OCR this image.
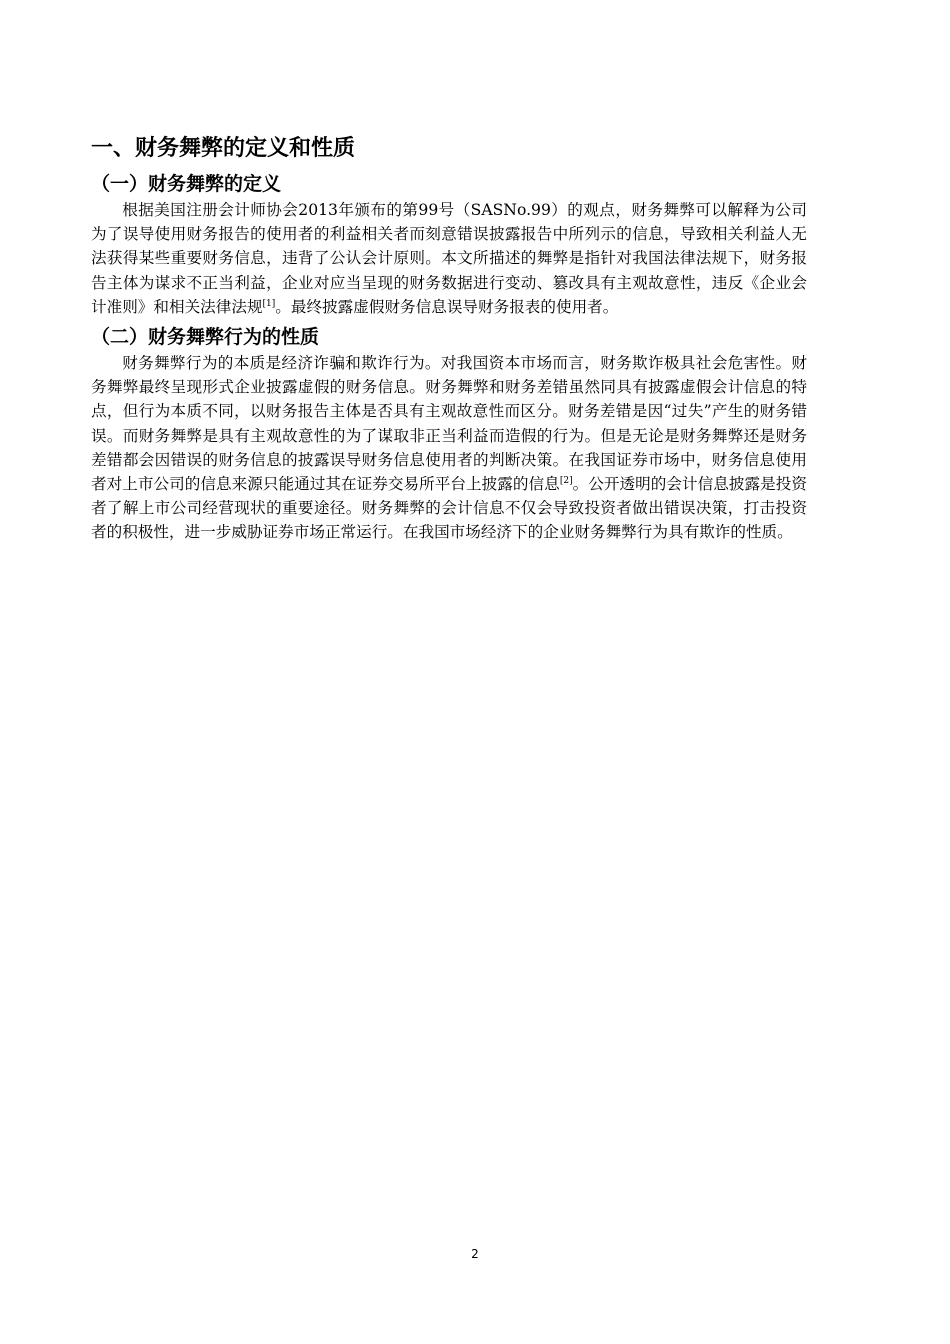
一、财务舞弊的定义和性质
（一）财务舞弊的定义

根据美国注册会计师协会2013年颁布的第99号（SASNo.99）的观点，财务舞弊可以解释为公司为了误导使用财务报告的使用者的利益相关者而刻意错误披露报告中所列示的信息，导致相关利益人无法获得某些重要财务信息，违背了公认会计原则。本文所描述的舞弊是指针对我国法律法规下，财务报告主体为谋求不正当利益，企业对应当呈现的财务数据进行变动、篡改具有主观故意性，违反《企业会计准则》和相关法律法规[1]。最终披露虚假财务信息误导财务报表的使用者。

（二）财务舞弊行为的性质

财务舞弊行为的本质是经济诈骗和欺诈行为。对我国资本市场而言，财务欺诈极具社会危害性。财务舞弊最终呈现形式企业披露虚假的财务信息。财务舞弊和财务差错虽然同具有披露虚假会计信息的特点，但行为本质不同，以财务报告主体是否具有主观故意性而区分。财务差错是因“过失”产生的财务错误。而财务舞弊是具有主观故意性的为了谋取非正当利益而造假的行为。但是无论是财务舞弊还是财务差错都会因错误的财务信息的披露误导财务信息使用者的判断决策。在我国证券市场中，财务信息使用者对上市公司的信息来源只能通过其在证券交易所平台上披露的信息[2]。公开透明的会计信息披露是投资者了解上市公司经营现状的重要途径。财务舞弊的会计信息不仅会导致投资者做出错误决策，打击投资者的积极性，进一步威胁证券市场正常运行。在我国市场经济下的企业财务舞弊行为具有欺诈的性质。

2
